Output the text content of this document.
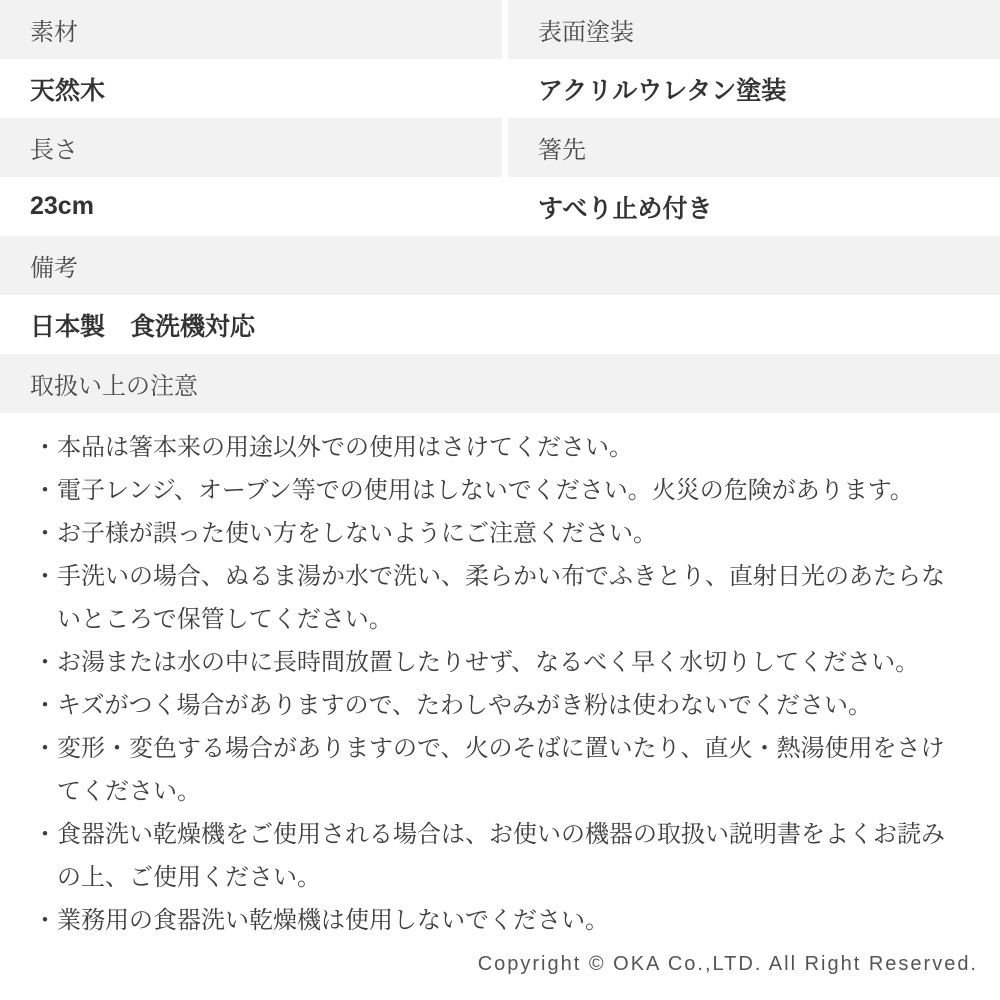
素材	表面塗装
天然木	アクリルウレタン塗装
長さ	箸先
23cm	すべり止め付き
備考
日本製　食洗機対応
取扱い上の注意
・本品は箸本来の用途以外での使用はさけてください。
・電子レンジ、オーブン等での使用はしないでください。火災の危険があります。
・お子様が誤った使い方をしないようにご注意ください。
・手洗いの場合、ぬるま湯か水で洗い、柔らかい布でふきとり、直射日光のあたらないところで保管してください。
・お湯または水の中に長時間放置したりせず、なるべく早く水切りしてください。
・キズがつく場合がありますので、たわしやみがき粉は使わないでください。
・変形・変色する場合がありますので、火のそばに置いたり、直火・熱湯使用をさけてください。
・食器洗い乾燥機をご使用される場合は、お使いの機器の取扱い説明書をよくお読みの上、ご使用ください。
・業務用の食器洗い乾燥機は使用しないでください。
Copyright © OKA Co.,LTD. All Right Reserved.
